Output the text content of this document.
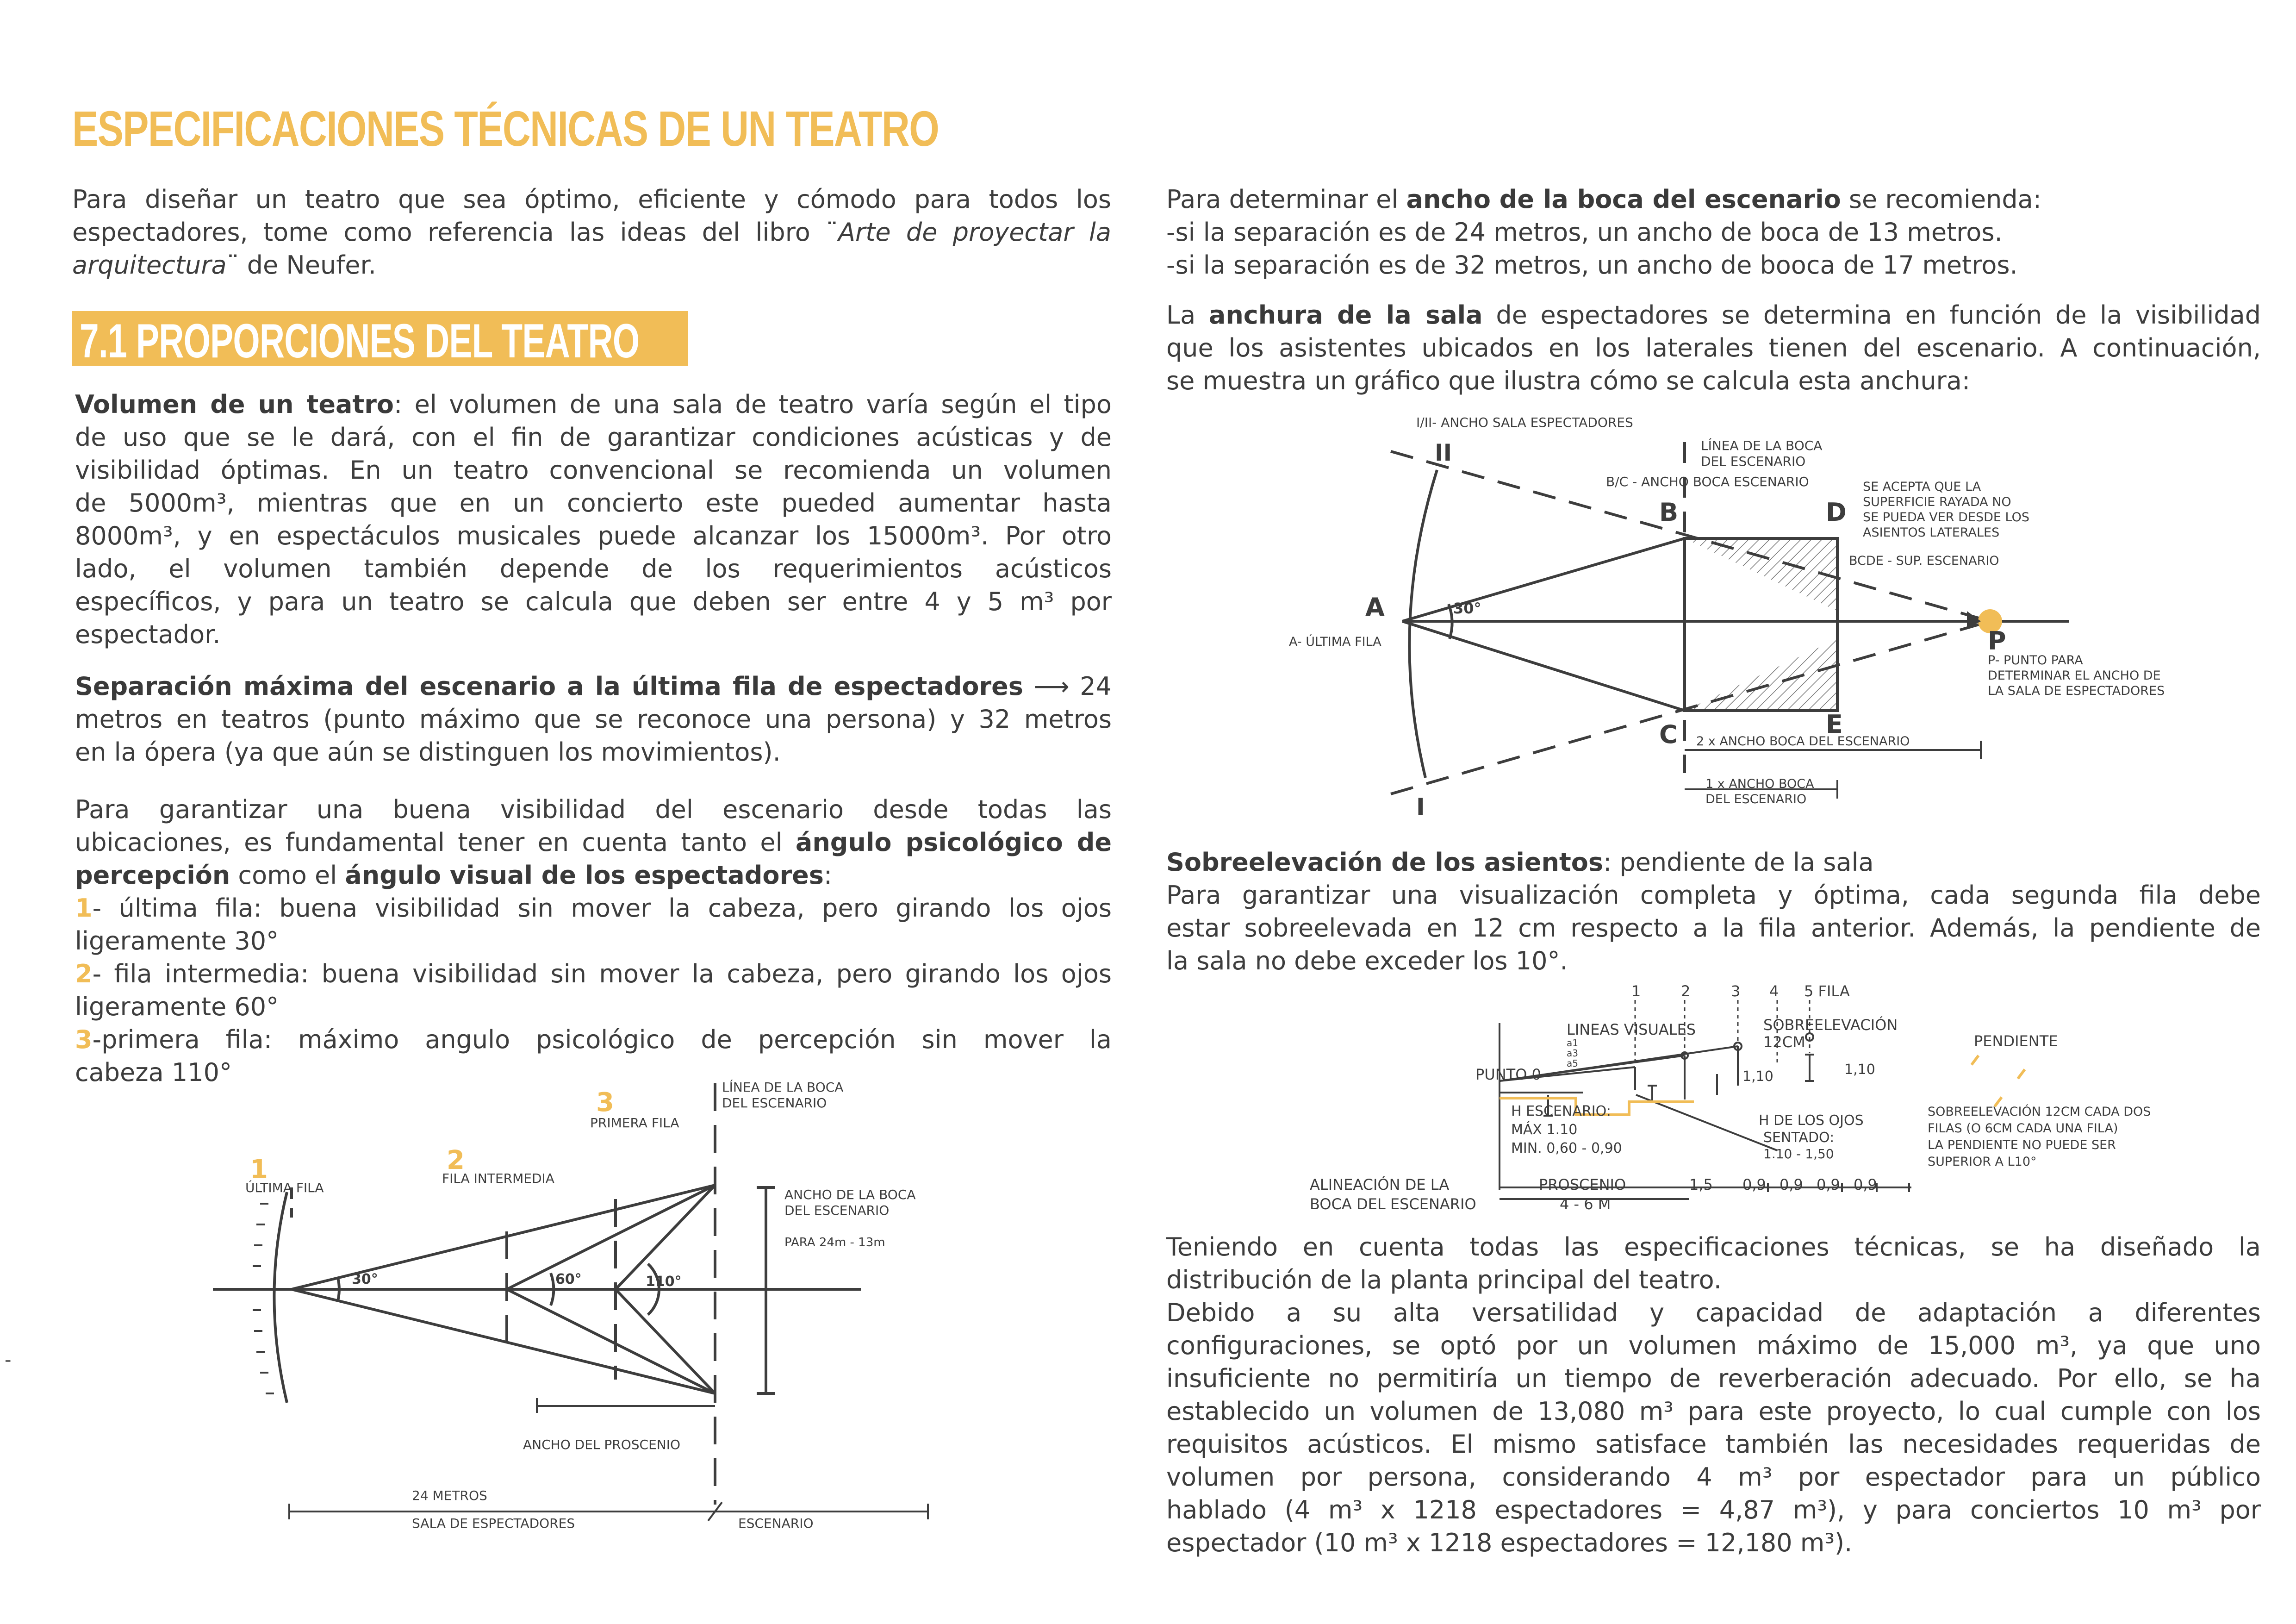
ESPECIFICACIONES TÉCNICAS DE UN TEATRO
Para diseñar un teatro que sea óptimo, eficiente y cómodo para todos los
espectadores, tome como referencia las ideas del libro ¨Arte de proyectar la
arquitectura¨ de Neufer.
7.1 PROPORCIONES DEL TEATRO
Volumen de un teatro: el volumen de una sala de teatro varía según el tipo
de uso que se le dará, con el fin de garantizar condiciones acústicas y de
visibilidad óptimas. En un teatro convencional se recomienda un volumen
de 5000m³, mientras que en un concierto este pueded aumentar hasta
8000m³, y en espectáculos musicales puede alcanzar los 15000m³. Por otro
lado, el volumen también depende de los requerimientos acústicos
específicos, y para un teatro se calcula que deben ser entre 4 y 5 m³ por
espectador.
Separación máxima del escenario a la última fila de espectadores ⟶ 24
metros en teatros (punto máximo que se reconoce una persona) y 32 metros
en la ópera (ya que aún se distinguen los movimientos).
Para garantizar una buena visibilidad del escenario desde todas las
ubicaciones, es fundamental tener en cuenta tanto el ángulo psicológico de
percepción como el ángulo visual de los espectadores:
1- última fila: buena visibilidad sin mover la cabeza, pero girando los ojos
ligeramente 30°
2- fila intermedia: buena visibilidad sin mover la cabeza, pero girando los ojos
ligeramente 60°
3-primera fila: máximo angulo psicológico de percepción sin mover la
cabeza 110°
-
1	2
3
ÚLTIMA FILA
FILA INTERMEDIA
PRIMERA FILA
LÍNEA DE LA BOCA
DEL ESCENARIO
ANCHO DE LA BOCA
DEL ESCENARIO
PARA 24m - 13m
30°	60°	110°
ANCHO DEL PROSCENIO
24 METROS
SALA DE ESPECTADORES	ESCENARIO
Para determinar el ancho de la boca del escenario se recomienda:
-si la separación es de 24 metros, un ancho de boca de 13 metros.
-si la separación es de 32 metros, un ancho de booca de 17 metros.
La anchura de la sala de espectadores se determina en función de la visibilidad
que los asistentes ubicados en los laterales tienen del escenario. A continuación,
se muestra un gráfico que ilustra cómo se calcula esta anchura:
I/II- ANCHO SALA ESPECTADORES
II
I
LÍNEA DE LA BOCA
DEL ESCENARIO
B/C - ANCHO BOCA ESCENARIO
B
C
D
E
A
P
SE ACEPTA QUE LA
SUPERFICIE RAYADA NO
SE PUEDA VER DESDE LOS
ASIENTOS LATERALES
BCDE - SUP. ESCENARIO
30°
A- ÚLTIMA FILA
P- PUNTO PARA
DETERMINAR EL ANCHO DE
LA SALA DE ESPECTADORES
2 x ANCHO BOCA DEL ESCENARIO
1 x ANCHO BOCA
DEL ESCENARIO
Sobreelevación de los asientos: pendiente de la sala
Para garantizar una visualización completa y óptima, cada segunda fila debe
estar sobreelevada en 12 cm respecto a la fila anterior. Además, la pendiente de
la sala no debe exceder los 10°.
1	2	3 4 5 FILA
LINEAS VISUALES
a1
a3
a5
SOBREELEVACIÓN
12CM	PENDIENTE
PUNTO 0	1,10
1,10
H ESCENARIO:
MÁX 1.10
MIN. 0,60 - 0,90
H DE LOS OJOS
SENTADO:
1.10 - 1,50
SOBREELEVACIÓN 12CM CADA DOS
FILAS (O 6CM CADA UNA FILA)
LA PENDIENTE NO PUEDE SER
SUPERIOR A L10°
ALINEACIÓN DE LA
BOCA DEL ESCENARIO
PROSCENIO
4 - 6 M
1,5 0,9 0,9 0,9 0,9
Teniendo en cuenta todas las especificaciones técnicas, se ha diseñado la
distribución de la planta principal del teatro.
Debido a su alta versatilidad y capacidad de adaptación a diferentes
configuraciones, se optó por un volumen máximo de 15,000 m³, ya que uno
insuficiente no permitiría un tiempo de reverberación adecuado. Por ello, se ha
establecido un volumen de 13,080 m³ para este proyecto, lo cual cumple con los
requisitos acústicos. El mismo satisface también las necesidades requeridas de
volumen por persona, considerando 4 m³ por espectador para un público
hablado (4 m³ x 1218 espectadores = 4,87 m³), y para conciertos 10 m³ por
espectador (10 m³ x 1218 espectadores = 12,180 m³).
